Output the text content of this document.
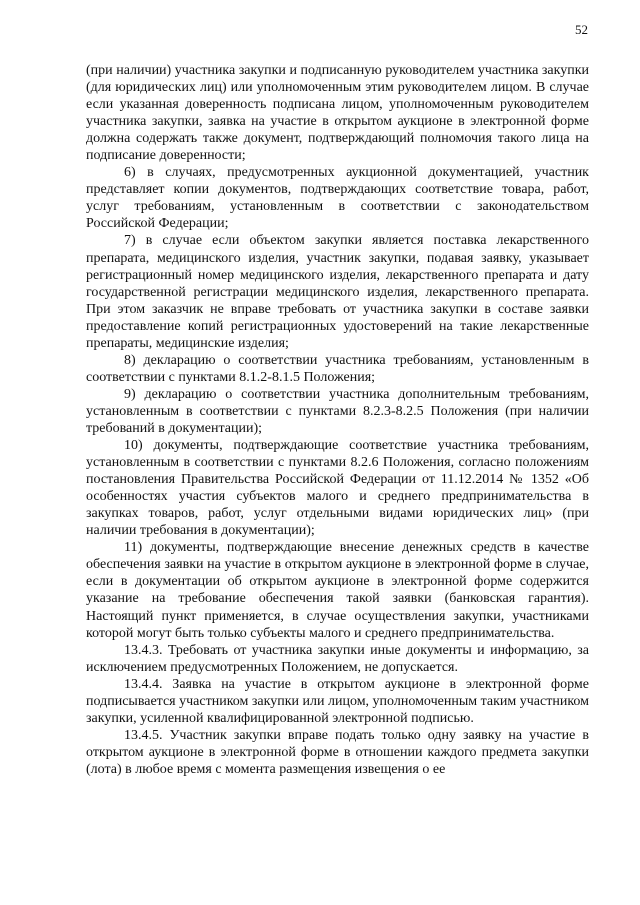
52

(при наличии) участника закупки и подписанную руководителем участника закупки (для юридических лиц) или уполномоченным этим руководителем лицом. В случае если указанная доверенность подписана лицом, уполномоченным руководителем участника закупки, заявка на участие в открытом аукционе в электронной форме должна содержать также документ, подтверждающий полномочия такого лица на подписание доверенности;

6) в случаях, предусмотренных аукционной документацией, участник представляет копии документов, подтверждающих соответствие товара, работ, услуг требованиям, установленным в соответствии с законодательством Российской Федерации;

7) в случае если объектом закупки является поставка лекарственного препарата, медицинского изделия, участник закупки, подавая заявку, указывает регистрационный номер медицинского изделия, лекарственного препарата и дату государственной регистрации медицинского изделия, лекарственного препарата. При этом заказчик не вправе требовать от участника закупки в составе заявки предоставление копий регистрационных удостоверений на такие лекарственные препараты, медицинские изделия;

8) декларацию о соответствии участника требованиям, установленным в соответствии с пунктами 8.1.2-8.1.5 Положения;

9) декларацию о соответствии участника дополнительным требованиям, установленным в соответствии с пунктами 8.2.3-8.2.5 Положения (при наличии требований в документации);

10) документы, подтверждающие соответствие участника требованиям, установленным в соответствии с пунктами 8.2.6 Положения, согласно положениям постановления Правительства Российской Федерации от 11.12.2014 № 1352 «Об особенностях участия субъектов малого и среднего предпринимательства в закупках товаров, работ, услуг отдельными видами юридических лиц» (при наличии требования в документации);

11) документы, подтверждающие внесение денежных средств в качестве обеспечения заявки на участие в открытом аукционе в электронной форме в случае, если в документации об открытом аукционе в электронной форме содержится указание на требование обеспечения такой заявки (банковская гарантия). Настоящий пункт применяется, в случае осуществления закупки, участниками которой могут быть только субъекты малого и среднего предпринимательства.

13.4.3. Требовать от участника закупки иные документы и информацию, за исключением предусмотренных Положением, не допускается.

13.4.4. Заявка на участие в открытом аукционе в электронной форме подписывается участником закупки или лицом, уполномоченным таким участником закупки, усиленной квалифицированной электронной подписью.

13.4.5. Участник закупки вправе подать только одну заявку на участие в открытом аукционе в электронной форме в отношении каждого предмета закупки (лота) в любое время с момента размещения извещения о ее
